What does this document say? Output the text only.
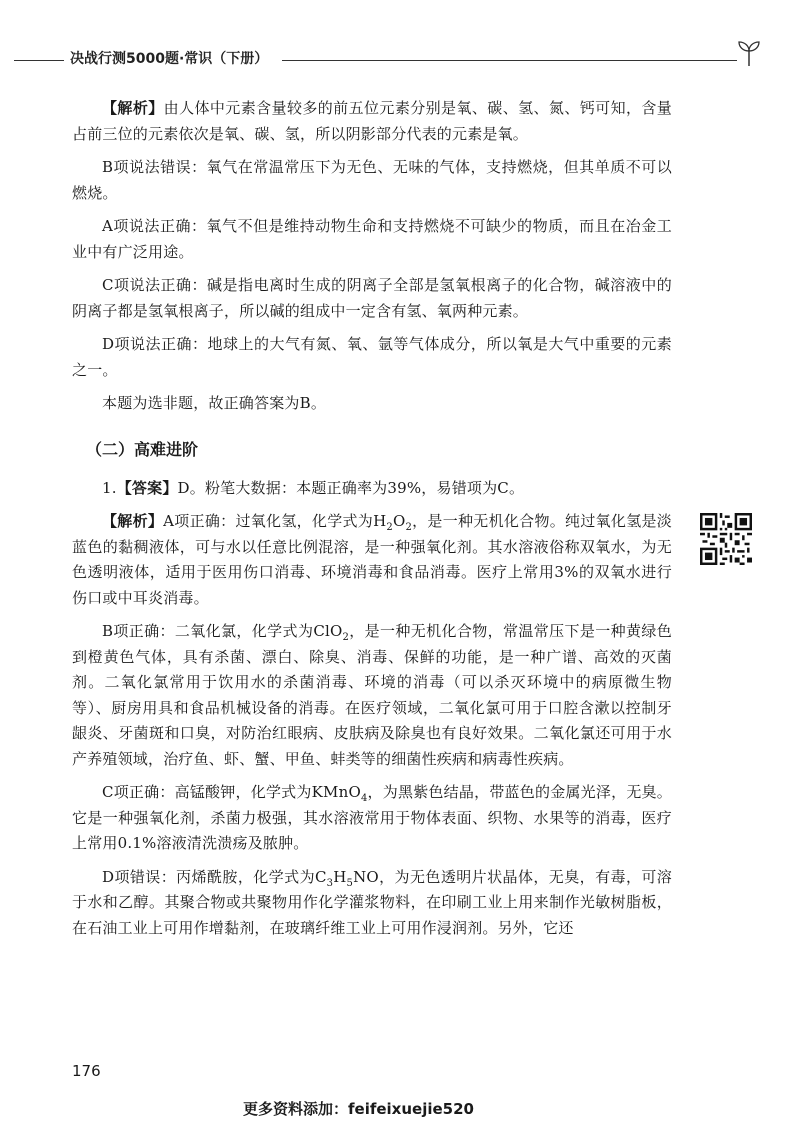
决战行测5000题·常识（下册）

【解析】由人体中元素含量较多的前五位元素分别是氧、碳、氢、氮、钙可知，含量占前三位的元素依次是氧、碳、氢，所以阴影部分代表的元素是氧。

B项说法错误：氧气在常温常压下为无色、无味的气体，支持燃烧，但其单质不可以燃烧。

A项说法正确：氧气不但是维持动物生命和支持燃烧不可缺少的物质，而且在冶金工业中有广泛用途。

C项说法正确：碱是指电离时生成的阴离子全部是氢氧根离子的化合物，碱溶液中的阴离子都是氢氧根离子，所以碱的组成中一定含有氢、氧两种元素。

D项说法正确：地球上的大气有氮、氧、氩等气体成分，所以氧是大气中重要的元素之一。

本题为选非题，故正确答案为B。

（二）高难进阶

1.【答案】D。粉笔大数据：本题正确率为39%，易错项为C。

【解析】A项正确：过氧化氢，化学式为$H_2O_2$，是一种无机化合物。纯过氧化氢是淡蓝色的黏稠液体，可与水以任意比例混溶，是一种强氧化剂。其水溶液俗称双氧水，为无色透明液体，适用于医用伤口消毒、环境消毒和食品消毒。医疗上常用3%的双氧水进行伤口或中耳炎消毒。

B项正确：二氧化氯，化学式为ClO$_2$，是一种无机化合物，常温常压下是一种黄绿色到橙黄色气体，具有杀菌、漂白、除臭、消毒、保鲜的功能，是一种广谱、高效的灭菌剂。二氧化氯常用于饮用水的杀菌消毒、环境的消毒（可以杀灭环境中的病原微生物等）、厨房用具和食品机械设备的消毒。在医疗领域，二氧化氯可用于口腔含漱以控制牙龈炎、牙菌斑和口臭，对防治红眼病、皮肤病及除臭也有良好效果。二氧化氯还可用于水产养殖领域，治疗鱼、虾、蟹、甲鱼、蚌类等的细菌性疾病和病毒性疾病。

C项正确：高锰酸钾，化学式为KMnO$_4$，为黑紫色结晶，带蓝色的金属光泽，无臭。它是一种强氧化剂，杀菌力极强，其水溶液常用于物体表面、织物、水果等的消毒，医疗上常用0.1%溶液清洗溃疡及脓肿。

D项错误：丙烯酰胺，化学式为$C_3H_5NO$，为无色透明片状晶体，无臭，有毒，可溶于水和乙醇。其聚合物或共聚物用作化学灌浆物料，在印刷工业上用来制作光敏树脂板，在石油工业上可用作增黏剂，在玻璃纤维工业上可用作浸润剂。另外，它还

176
更多资料添加：feifeixuejie520
